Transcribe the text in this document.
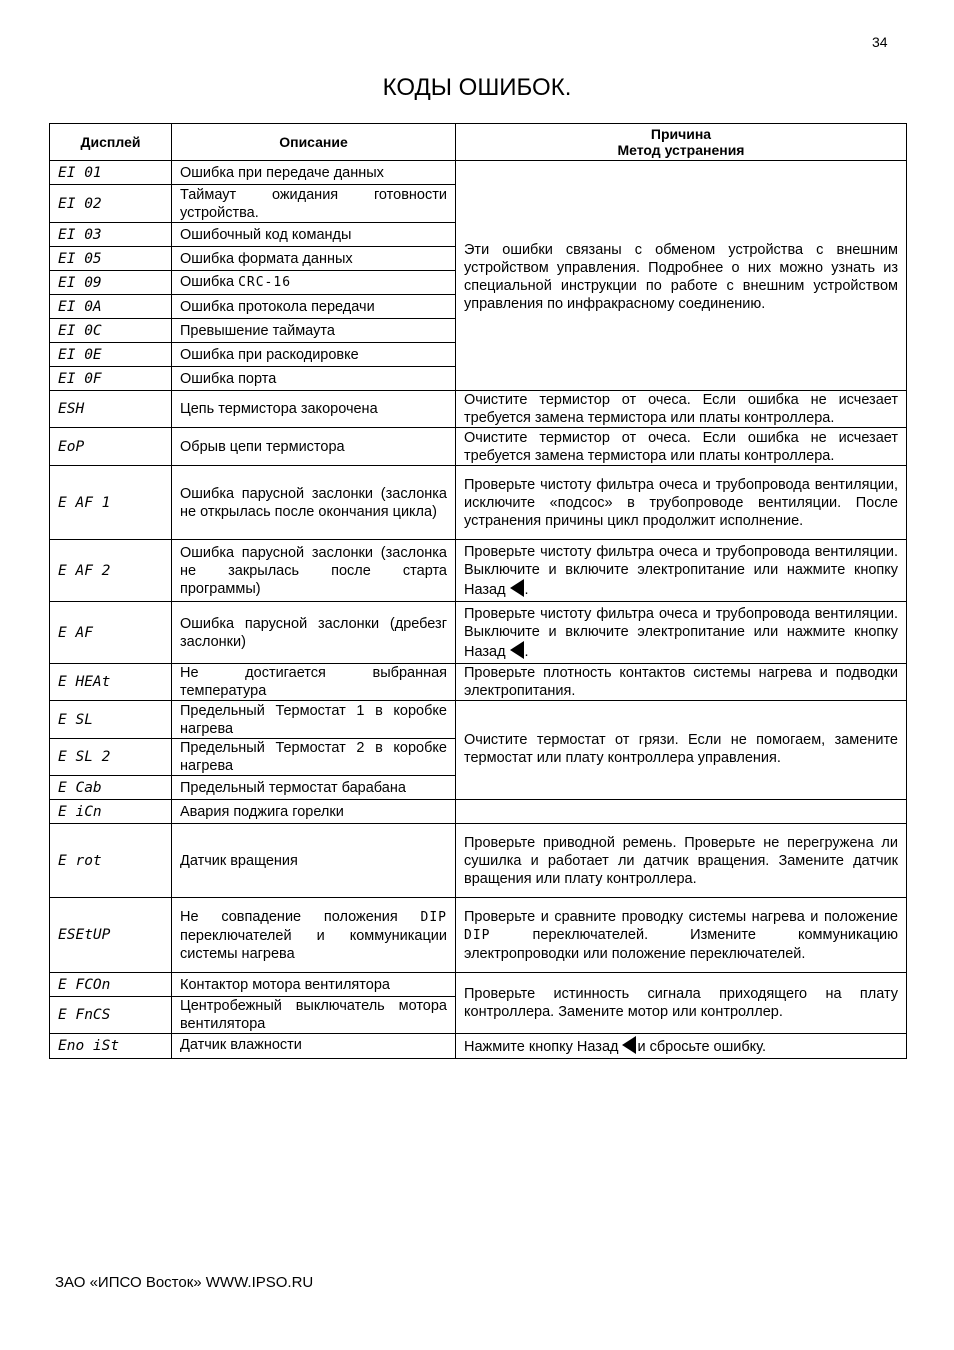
34
КОДЫ ОШИБОК.
Дисплей	Описание	Причина
Метод устранения

EI 01	Ошибка при передаче данных	Эти ошибки связаны с обменом устройства с внешним устройством управления. Подробнее о них можно узнать из специальной инструкции по работе с внешним устройством управления по инфракрасному соединению.
EI 02	Таймаут ожидания готовности устройства.	
EI 03	Ошибочный код команды	
EI 05	Ошибка формата данных	
EI 09	Ошибка CRC-16	
EI 0A	Ошибка протокола передачи	
EI 0C	Превышение таймаута	
EI 0E	Ошибка при раскодировке	
EI 0F	Ошибка порта	
ESH	Цепь термистора закорочена	Очистите термистор от очеса. Если ошибка не исчезает требуется замена термистора или платы контроллера.
EoP	Обрыв цепи термистора	Очистите термистор от очеса. Если ошибка не исчезает требуется замена термистора или платы контроллера.
E AF 1	Ошибка парусной заслонки (заслонка не открылась после окончания цикла)	Проверьте чистоту фильтра очеса и трубопровода вентиляции, исключите «подсос» в трубопроводе вентиляции. После устранения причины цикл продолжит исполнение.
E AF 2	Ошибка парусной заслонки (заслонка не закрылась после старта программы)	Проверьте чистоту фильтра очеса и трубопровода вентиляции. Выключите и включите электропитание или нажмите кнопку Назад .
E AF	Ошибка парусной заслонки (дребезг заслонки)	Проверьте чистоту фильтра очеса и трубопровода вентиляции. Выключите и включите электропитание или нажмите кнопку Назад .
E HEAt	Не достигается выбранная температура	Проверьте плотность контактов системы нагрева и подводки электропитания.
E SL	Предельный Термостат 1 в коробке нагрева	Очистите термостат от грязи. Если не помогаем, замените термостат или плату контроллера управления.
E SL 2	Предельный Термостат 2 в коробке нагрева	
E Cab	Предельный термостат барабана	
E iCn	Авария поджига горелки	
E rot	Датчик вращения	Проверьте приводной ремень. Проверьте не перегружена ли сушилка и работает ли датчик вращения. Замените датчик вращения или плату контроллера.
ESEtUP	Не совпадение положения DIP переключателей и коммуникации системы нагрева	Проверьте и сравните проводку системы нагрева и положение DIP переключателей. Измените коммуникацию электропроводки или положение переключателей.
E FCOn	Контактор мотора вентилятора	Проверьте истинность сигнала приходящего на плату контроллера. Замените мотор или контроллер.
E FnCS	Центробежный выключатель мотора вентилятора	
Eno iSt	Датчик влажности	Нажмите кнопку Назад и сбросьте ошибку.
ЗАО «ИПСО Восток» WWW.IPSO.RU
